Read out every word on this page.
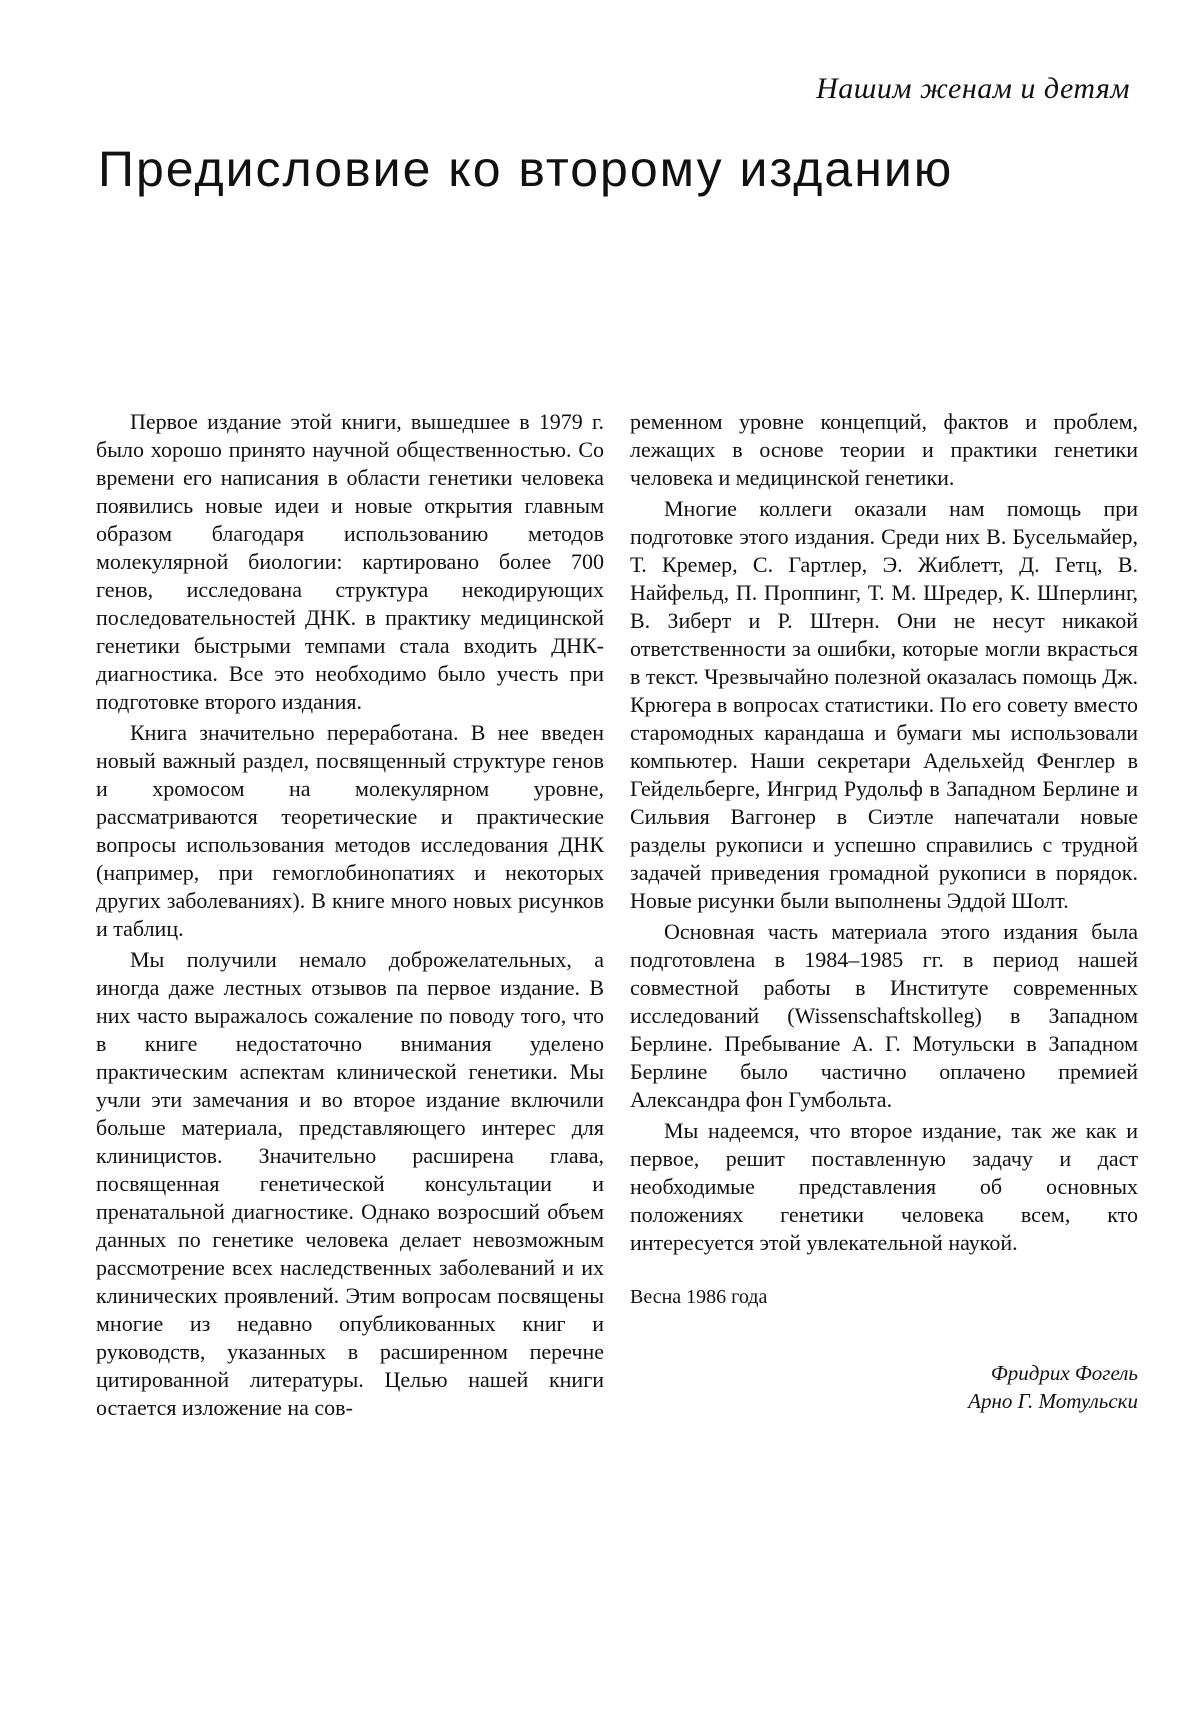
Нашим женам и детям

Предисловие ко второму изданию

Первое издание этой книги, вышедшее в 1979 г. было хорошо принято научной общественностью. Со времени его написания в области генетики человека появились новые идеи и новые открытия главным образом благодаря использованию методов молекулярной биологии: картировано более 700 генов, исследована структура некодирующих последовательностей ДНК. в практику медицинской генетики быстрыми темпами стала входить ДНК-диагностика. Все это необходимо было учесть при подготовке второго издания.

Книга значительно переработана. В нее введен новый важный раздел, посвященный структуре генов и хромосом на молекулярном уровне, рассматриваются теоретические и практические вопросы использования методов исследования ДНК (например, при гемоглобинопатиях и некоторых других заболеваниях). В книге много новых рисунков и таблиц.

Мы получили немало доброжелательных, а иногда даже лестных отзывов па первое издание. В них часто выражалось сожаление по поводу того, что в книге недостаточно внимания уделено практическим аспектам клинической генетики. Мы учли эти замечания и во второе издание включили больше материала, представляющего интерес для клиницистов. Значительно расширена глава, посвященная генетической консультации и пренатальной диагностике. Однако возросший объем данных по генетике человека делает невозможным рассмотрение всех наследственных заболеваний и их клинических проявлений. Этим вопросам посвящены многие из недавно опубликованных книг и руководств, указанных в расширенном перечне цитированной литературы. Целью нашей книги остается изложение на сов-

ременном уровне концепций, фактов и проблем, лежащих в основе теории и практики генетики человека и медицинской генетики.

Многие коллеги оказали нам помощь при подготовке этого издания. Среди них В. Бусельмайер, Т. Кремер, С. Гартлер, Э. Жиблетт, Д. Гетц, В. Найфельд, П. Проппинг, Т. М. Шредер, К. Шперлинг, В. Зиберт и Р. Штерн. Они не несут никакой ответственности за ошибки, которые могли вкрасться в текст. Чрезвычайно полезной оказалась помощь Дж. Крюгера в вопросах статистики. По его совету вместо старомодных карандаша и бумаги мы использовали компьютер. Наши секретари Адельхейд Фенглер в Гейдельберге, Ингрид Рудольф в Западном Берлине и Сильвия Ваггонер в Сиэтле напечатали новые разделы рукописи и успешно справились с трудной задачей приведения громадной рукописи в порядок. Новые рисунки были выполнены Эддой Шолт.

Основная часть материала этого издания была подготовлена в 1984–1985 гг. в период нашей совместной работы в Институте современных исследований (Wissenschaftskolleg) в Западном Берлине. Пребывание А. Г. Мотульски в Западном Берлине было частично оплачено премией Александра фон Гумбольта.

Мы надеемся, что второе издание, так же как и первое, решит поставленную задачу и даст необходимые представления об основных положениях генетики человека всем, кто интересуется этой увлекательной наукой.

Весна 1986 года

Фридрих Фогель
Арно Г. Мотульски
